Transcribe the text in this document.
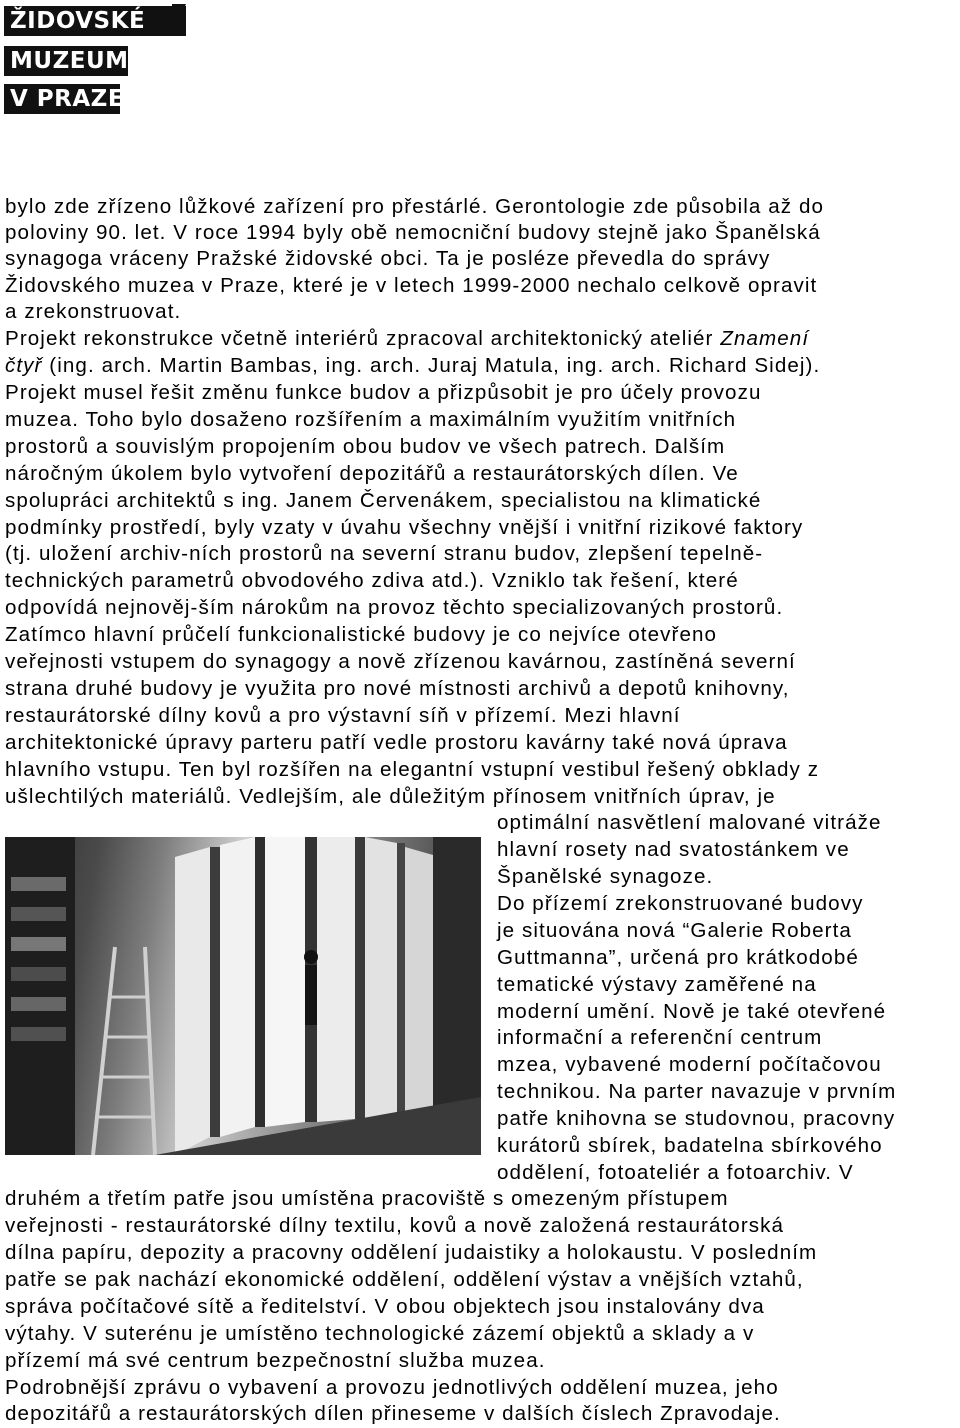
ŽIDOVSKÉ
MUZEUM
V PRAZE
bylo zde zřízeno lůžkové zařízení pro přestárlé. Gerontologie zde působila až do
poloviny 90. let. V roce 1994 byly obě nemocniční budovy stejně jako Španělská
synagoga vráceny Pražské židovské obci. Ta je posléze převedla do správy
Židovského muzea v Praze, které je v letech 1999-2000 nechalo celkově opravit
a zrekonstruovat.
Projekt rekonstrukce včetně interiérů zpracoval architektonický ateliér Znamení
čtyř (ing. arch. Martin Bambas, ing. arch. Juraj Matula, ing. arch. Richard Sidej).
Projekt musel řešit změnu funkce budov a přizpůsobit je pro účely provozu
muzea. Toho bylo dosaženo rozšířením a maximálním využitím vnitřních
prostorů a souvislým propojením obou budov ve všech patrech. Dalším
náročným úkolem bylo vytvoření depozitářů a restaurátorských dílen. Ve
spolupráci architektů s ing. Janem Červenákem, specialistou na klimatické
podmínky prostředí, byly vzaty v úvahu všechny vnější i vnitřní rizikové faktory
(tj. uložení archiv-ních prostorů na severní stranu budov, zlepšení tepelně-
technických parametrů obvodového zdiva atd.). Vzniklo tak řešení, které
odpovídá nejnověj-ším nárokům na provoz těchto specializovaných prostorů.
Zatímco hlavní průčelí funkcionalistické budovy je co nejvíce otevřeno
veřejnosti vstupem do synagogy a nově zřízenou kavárnou, zastíněná severní
strana druhé budovy je využita pro nové místnosti archivů a depotů knihovny,
restaurátorské dílny kovů a pro výstavní síň v přízemí. Mezi hlavní
architektonické úpravy parteru patří vedle prostoru kavárny také nová úprava
hlavního vstupu. Ten byl rozšířen na elegantní vstupní vestibul řešený obklady z
ušlechtilých materiálů. Vedlejším, ale důležitým přínosem vnitřních úprav, je
optimální nasvětlení malované vitráže
hlavní rosety nad svatostánkem ve
Španělské synagoze.
Do přízemí zrekonstruované budovy
je situována nová “Galerie Roberta
Guttmanna”, určená pro krátkodobé
tematické výstavy zaměřené na
moderní umění. Nově je také otevřené
informační a referenční centrum
mzea, vybavené moderní počítačovou
technikou. Na parter navazuje v prvním
patře knihovna se studovnou, pracovny
kurátorů sbírek, badatelna sbírkového
oddělení, fotoateliér a fotoarchiv. V
druhém a třetím patře jsou umístěna pracoviště s omezeným přístupem
veřejnosti - restaurátorské dílny textilu, kovů a nově založená restaurátorská
dílna papíru, depozity a pracovny oddělení judaistiky a holokaustu. V posledním
patře se pak nachází ekonomické oddělení, oddělení výstav a vnějších vztahů,
správa počítačové sítě a ředitelství. V obou objektech jsou instalovány dva
výtahy. V suterénu je umístěno technologické zázemí objektů a sklady a v
přízemí má své centrum bezpečnostní služba muzea.
Podrobnější zprávu o vybavení a provozu jednotlivých oddělení muzea, jeho
depozitářů a restaurátorských dílen přineseme v dalších číslech Zpravodaje.
